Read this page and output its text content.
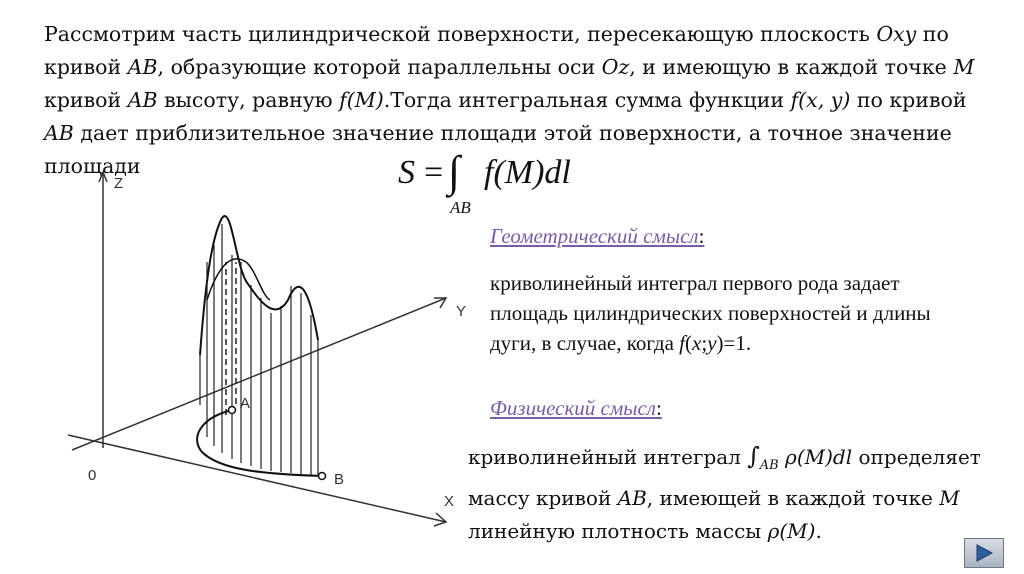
Рассмотрим часть цилиндрической поверхности, пересекающую плоскость Oxy по кривой AB, образующие которой параллельны оси Oz, и имеющую в каждой точке M кривой AB высоту, равную f(M).Тогда интегральная сумма функции f(x, y) по кривой AB дает приблизительное значение площади этой поверхности, а точное значение площади	S = ∫
AB
f(M)dl
Z
Y
X
0
A
B
Геометрический смысл:

криволинейный интеграл первого рода задает площадь цилиндрических поверхностей и длины дуги, в случае, когда f(x;y)=1.

Физический смысл:

криволинейный интеграл $\int_{AB}$ ρ(M)dl определяет массу кривой AB, имеющей в каждой точке M линейную плотность массы ρ(M).
